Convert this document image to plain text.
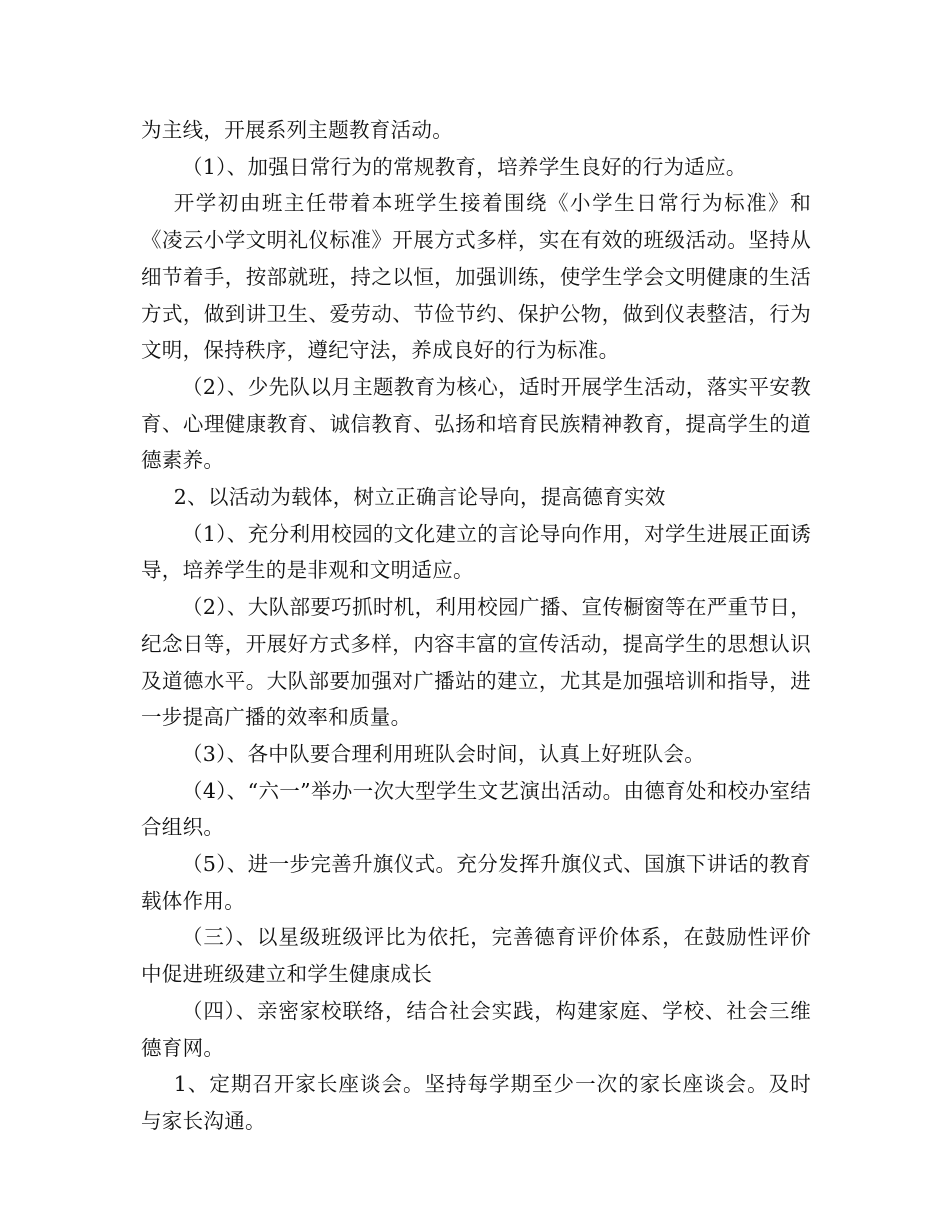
为主线，开展系列主题教育活动。

（1）、加强日常行为的常规教育，培养学生良好的行为适应。

开学初由班主任带着本班学生接着围绕《小学生日常行为标准》和《凌云小学文明礼仪标准》开展方式多样，实在有效的班级活动。坚持从细节着手，按部就班，持之以恒，加强训练，使学生学会文明健康的生活方式，做到讲卫生、爱劳动、节俭节约、保护公物，做到仪表整洁，行为文明，保持秩序，遵纪守法，养成良好的行为标准。

（2）、少先队以月主题教育为核心，适时开展学生活动，落实平安教育、心理健康教育、诚信教育、弘扬和培育民族精神教育，提高学生的道德素养。

2、以活动为载体，树立正确言论导向，提高德育实效

（1）、充分利用校园的文化建立的言论导向作用，对学生进展正面诱导，培养学生的是非观和文明适应。

（2）、大队部要巧抓时机，利用校园广播、宣传橱窗等在严重节日，纪念日等，开展好方式多样，内容丰富的宣传活动，提高学生的思想认识及道德水平。大队部要加强对广播站的建立，尤其是加强培训和指导，进一步提高广播的效率和质量。

（3）、各中队要合理利用班队会时间，认真上好班队会。

（4）、“六一”举办一次大型学生文艺演出活动。由德育处和校办室结合组织。

（5）、进一步完善升旗仪式。充分发挥升旗仪式、国旗下讲话的教育载体作用。

（三）、以星级班级评比为依托，完善德育评价体系，在鼓励性评价中促进班级建立和学生健康成长

（四）、亲密家校联络，结合社会实践，构建家庭、学校、社会三维德育网。

1、定期召开家长座谈会。坚持每学期至少一次的家长座谈会。及时与家长沟通。
